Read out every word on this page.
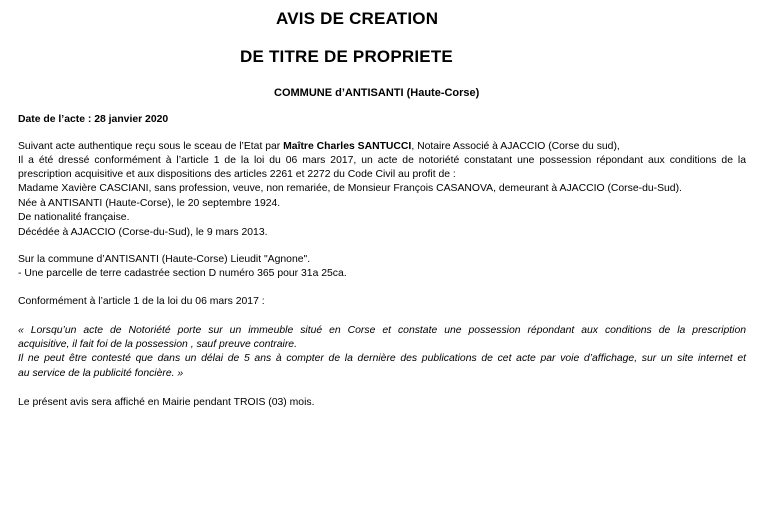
AVIS DE CREATION
DE TITRE DE PROPRIETE
COMMUNE d’ANTISANTI (Haute-Corse)
Date de l’acte : 28 janvier 2020
Suivant acte authentique reçu sous le sceau de l’Etat par Maître Charles SANTUCCI, Notaire Associé à AJACCIO (Corse du sud),
Il a été dressé conformément à l’article 1 de la loi du 06 mars 2017, un acte de notoriété constatant une possession répondant aux conditions de la
prescription acquisitive et aux dispositions des articles 2261 et 2272 du Code Civil au profit de :
Madame Xavière CASCIANI, sans profession, veuve, non remariée, de Monsieur François CASANOVA, demeurant à AJACCIO (Corse-du-Sud).
Née à ANTISANTI (Haute-Corse), le 20 septembre 1924.
De nationalité française.
Décédée à AJACCIO (Corse-du-Sud), le 9 mars 2013.
Sur la commune d’ANTISANTI (Haute-Corse) Lieudit "Agnone".
- Une parcelle de terre cadastrée section D numéro 365 pour 31a 25ca.
Conformément à l’article 1 de la loi du 06 mars 2017 :
« Lorsqu’un acte de Notoriété porte sur un immeuble situé en Corse et constate une possession répondant aux conditions de la prescription
acquisitive, il fait foi de la possession , sauf preuve contraire.
Il ne peut être contesté que dans un délai de 5 ans à compter de la dernière des publications de cet acte par voie d’affichage, sur un site internet et
au service de la publicité foncière. »
Le présent avis sera affiché en Mairie pendant TROIS (03) mois.
